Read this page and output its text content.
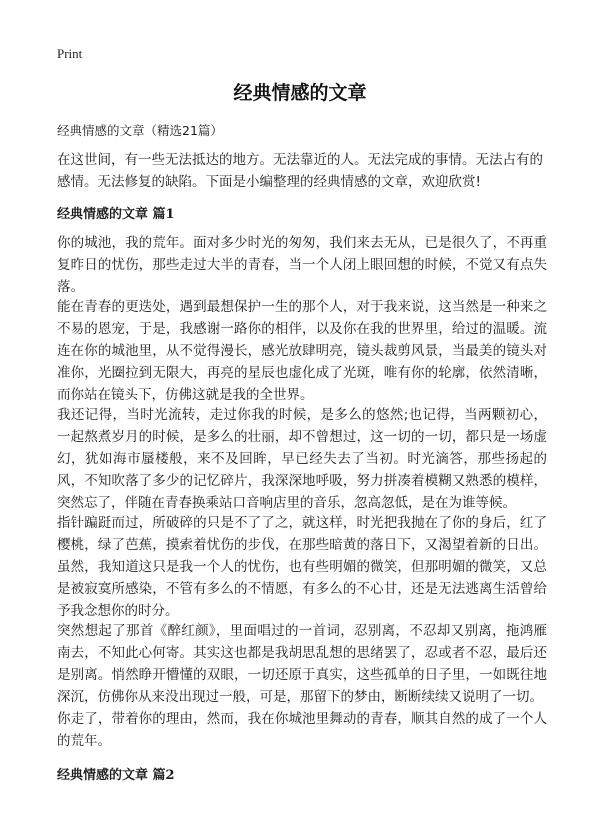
Print

经典情感的文章

经典情感的文章（精选21篇）

在这世间，有一些无法抵达的地方。无法靠近的人。无法完成的事情。无法占有的感情。无法修复的缺陷。下面是小编整理的经典情感的文章，欢迎欣赏!

经典情感的文章 篇1

你的城池，我的荒年。面对多少时光的匆匆，我们来去无从，已是很久了，不再重复昨日的忧伤，那些走过大半的青春，当一个人闭上眼回想的时候，不觉又有点失落。

能在青春的更迭处，遇到最想保护一生的那个人，对于我来说，这当然是一种来之不易的恩宠，于是，我感谢一路你的相伴，以及你在我的世界里，给过的温暖。流连在你的城池里，从不觉得漫长，感光放肆明亮，镜头裁剪风景，当最美的镜头对准你，光圈拉到无限大，再亮的星辰也虚化成了光斑，唯有你的轮廓，依然清晰，而你站在镜头下，仿佛这就是我的全世界。

我还记得，当时光流转，走过你我的时候，是多么的悠然;也记得，当两颗初心，一起熬煮岁月的时候，是多么的壮丽，却不曾想过，这一切的一切，都只是一场虚幻，犹如海市蜃楼般，来不及回眸，早已经失去了当初。时光滴答，那些扬起的风，不知吹落了多少的记忆碎片，我深深地呼吸，努力拼凑着模糊又熟悉的模样，突然忘了，伴随在青春换乘站口音响店里的音乐，忽高忽低，是在为谁等候。

指针蹁跹而过，所破碎的只是不了了之，就这样，时光把我抛在了你的身后，红了樱桃，绿了芭蕉，摸索着忧伤的步伐，在那些暗黄的落日下，又渴望着新的日出。虽然，我知道这只是我一个人的忧伤，也有些明媚的微笑，但那明媚的微笑，又总是被寂寞所感染，不管有多么的不情愿，有多么的不心甘，还是无法逃离生活曾给予我念想你的时分。

突然想起了那首《醉红颜》，里面唱过的一首词，忍别离，不忍却又别离，拖鸿雁南去，不知此心何寄。其实这也都是我胡思乱想的思绪罢了，忍或者不忍，最后还是别离。悄然睁开懵懂的双眼，一切还原于真实，这些孤单的日子里，一如既往地深沉，仿佛你从来没出现过一般，可是，那留下的梦由，断断续续又说明了一切。

你走了，带着你的理由，然而，我在你城池里舞动的青春，顺其自然的成了一个人的荒年。

经典情感的文章 篇2
